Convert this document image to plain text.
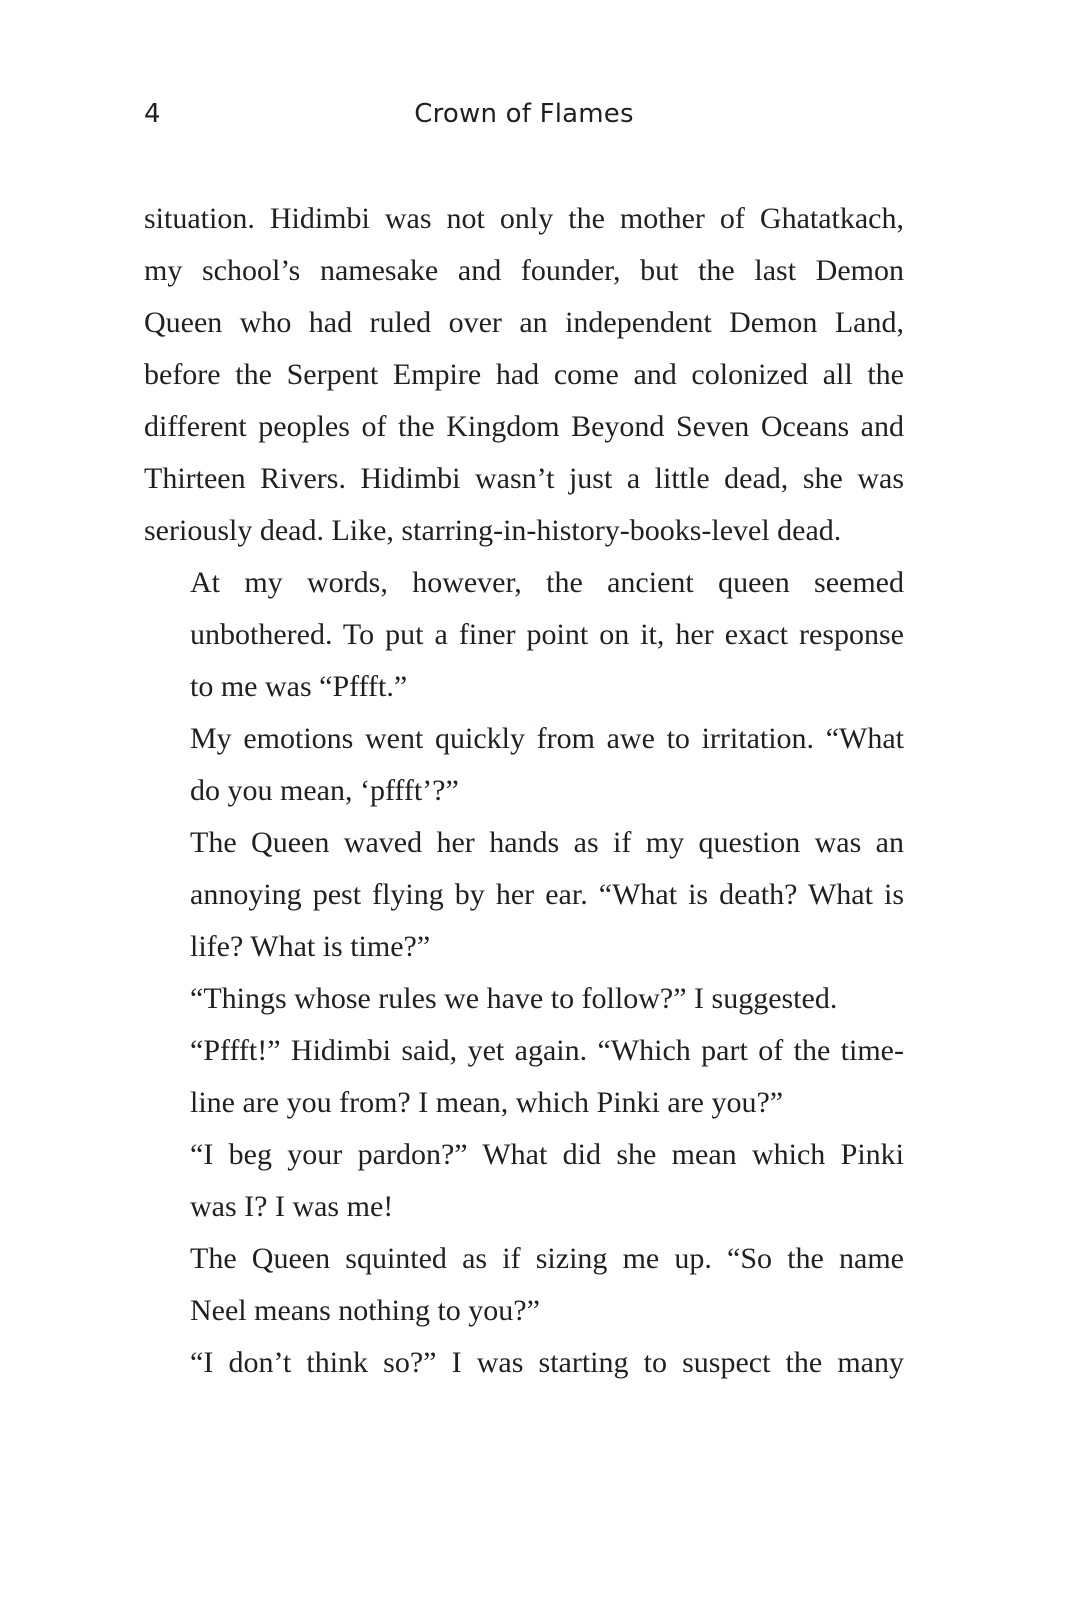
4	Crown of Flames

situation. Hidimbi was not only the mother of Ghatatkach,
my school’s namesake and founder, but the last Demon
Queen who had ruled over an independent Demon Land,
before the Serpent Empire had come and colonized all the
different peoples of the Kingdom Beyond Seven Oceans and
Thirteen Rivers. Hidimbi wasn’t just a little dead, she was
seriously dead. Like, starring-in-history-books-level dead.

At my words, however, the ancient queen seemed
unbothered. To put a finer point on it, her exact response
to me was “Pffft.”

My emotions went quickly from awe to irritation. “What
do you mean, ‘pffft’?”

The Queen waved her hands as if my question was an
annoying pest flying by her ear. “What is death? What is
life? What is time?”

“Things whose rules we have to follow?” I suggested.

“Pffft!” Hidimbi said, yet again. “Which part of the time-
line are you from? I mean, which Pinki are you?”

“I beg your pardon?” What did she mean which Pinki
was I? I was me!

The Queen squinted as if sizing me up. “So the name
Neel means nothing to you?”

“I don’t think so?” I was starting to suspect the many
